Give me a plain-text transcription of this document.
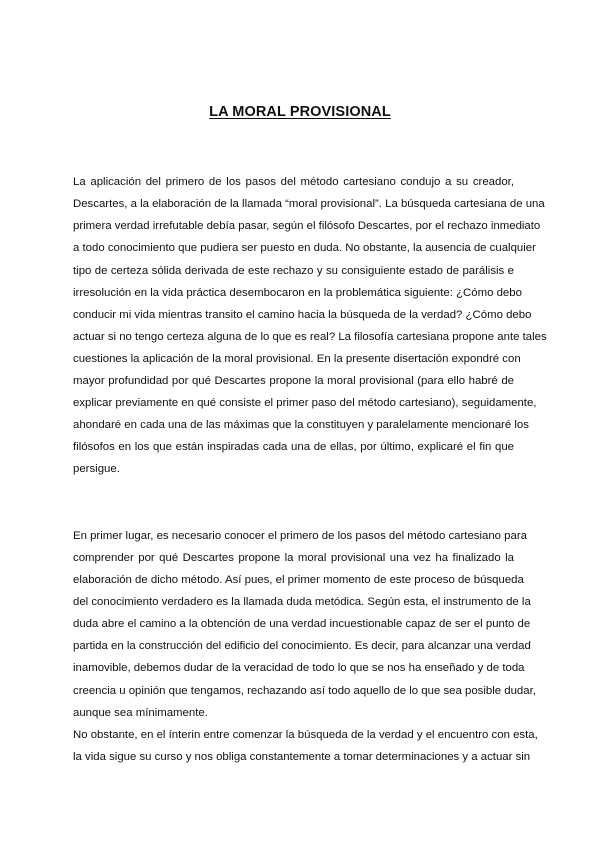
LA MORAL PROVISIONAL
La aplicación del primero de los pasos del método cartesiano condujo a su creador,
Descartes, a la elaboración de la llamada “moral provisional”. La búsqueda cartesiana de una
primera verdad irrefutable debía pasar, según el filósofo Descartes, por el rechazo inmediato
a todo conocimiento que pudiera ser puesto en duda. No obstante, la ausencia de cualquier
tipo de certeza sólida derivada de este rechazo y su consiguiente estado de parálisis e
irresolución en la vida práctica desembocaron en la problemática siguiente: ¿Cómo debo
conducir mi vida mientras transito el camino hacia la búsqueda de la verdad? ¿Cómo debo
actuar si no tengo certeza alguna de lo que es real? La filosofía cartesiana propone ante tales
cuestiones la aplicación de la moral provisional. En la presente disertación expondré con
mayor profundidad por qué Descartes propone la moral provisional (para ello habré de
explicar previamente en qué consiste el primer paso del método cartesiano), seguidamente,
ahondaré en cada una de las máximas que la constituyen y paralelamente mencionaré los
filósofos en los que están inspiradas cada una de ellas, por último, explicaré el fin que
persigue.
En primer lugar, es necesario conocer el primero de los pasos del método cartesiano para
comprender por qué Descartes propone la moral provisional una vez ha finalizado la
elaboración de dicho método. Así pues, el primer momento de este proceso de búsqueda
del conocimiento verdadero es la llamada duda metódica. Según esta, el instrumento de la
duda abre el camino a la obtención de una verdad incuestionable capaz de ser el punto de
partida en la construcción del edificio del conocimiento. Es decir, para alcanzar una verdad
inamovible, debemos dudar de la veracidad de todo lo que se nos ha enseñado y de toda
creencia u opinión que tengamos, rechazando así todo aquello de lo que sea posible dudar,
aunque sea mínimamente.
No obstante, en el ínterin entre comenzar la búsqueda de la verdad y el encuentro con esta,
la vida sigue su curso y nos obliga constantemente a tomar determinaciones y a actuar sin
